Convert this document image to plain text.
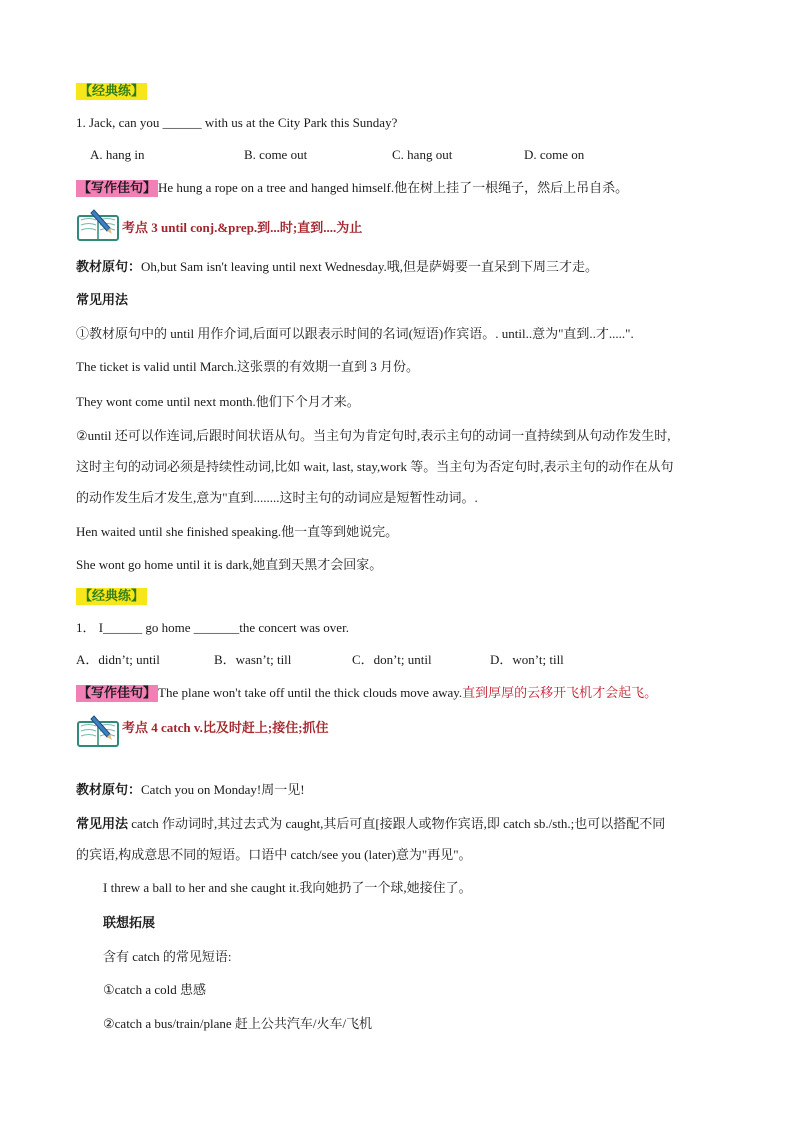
【经典练】
1. Jack, can you ______ with us at the City Park this Sunday?
A. hang in	B. come out	C. hang out	D. come on
【写作佳句】 He hung a rope on a tree and hanged himself.他在树上挂了一根绳子，然后上吊自杀。
考点 3 until conj.&prep.到...时;直到....为止
教材原句：Oh,but Sam isn't leaving until next Wednesday.哦,但是萨姆要一直呆到下周三才走。
常见用法
①教材原句中的 until 用作介词,后面可以跟表示时间的名词(短语)作宾语。. until..意为"直到..才.....".
The ticket is valid until March.这张票的有效期一直到 3 月份。
They wont come until next month.他们下个月才来。
②until 还可以作连词,后跟时间状语从句。当主句为肯定句时,表示主句的动词一直持续到从句动作发生时,
这时主句的动词必须是持续性动词,比如 wait, last, stay,work 等。当主句为否定句时,表示主句的动作在从句
的动作发生后才发生,意为"直到........这时主句的动词应是短暂性动词。.
Hen waited until she finished speaking.他一直等到她说完。
She wont go home until it is dark,她直到天黑才会回家。
【经典练】
1． I______ go home _______the concert was over.
A．didn’t; until	B．wasn’t; till	C．don’t; until	D．won’t; till
【写作佳句】 The plane won't take off until the thick clouds move away.直到厚厚的云移开飞机才会起飞。
考点 4 catch v.比及时赶上;接住;抓住
教材原句：Catch you on Monday!周一见!
常见用法 catch 作动词时,其过去式为 caught,其后可直[接跟人或物作宾语,即 catch sb./sth.;也可以搭配不同
的宾语,构成意思不同的短语。口语中 catch/see you (later)意为"再见"。
I threw a ball to her and she caught it.我向她扔了一个球,她接住了。
联想拓展
含有 catch 的常见短语:
①catch a cold 患感
②catch a bus/train/plane 赶上公共汽车/火车/飞机
